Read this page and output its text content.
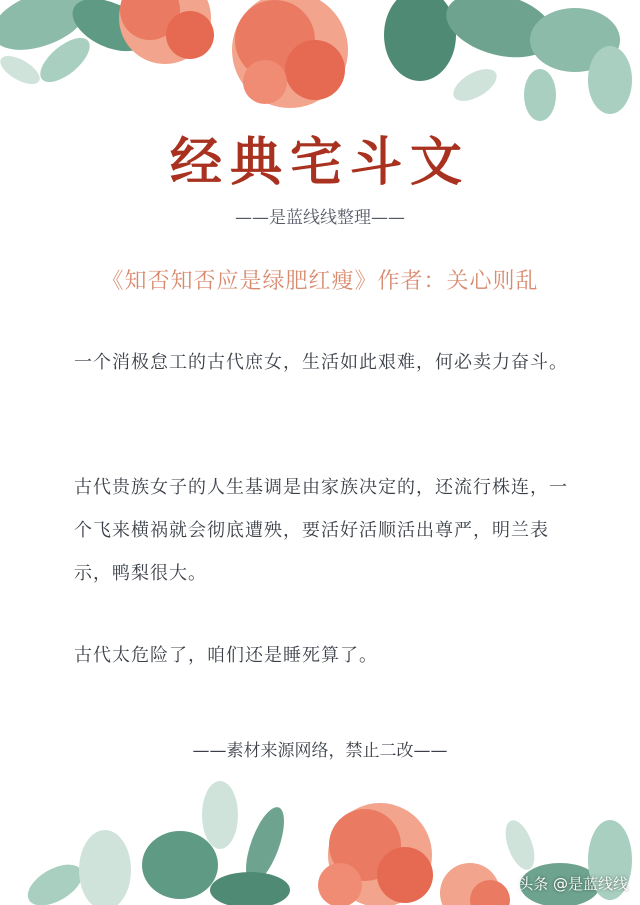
经典宅斗文
——是蓝线线整理——
《知否知否应是绿肥红瘦》作者：关心则乱
一个消极怠工的古代庶女，生活如此艰难，何必卖力奋斗。
古代贵族女子的人生基调是由家族决定的，还流行株连，一个飞来横祸就会彻底遭殃，要活好活顺活出尊严，明兰表示，鸭梨很大。
古代太危险了，咱们还是睡死算了。
——素材来源网络，禁止二改——
头条 @是蓝线线
